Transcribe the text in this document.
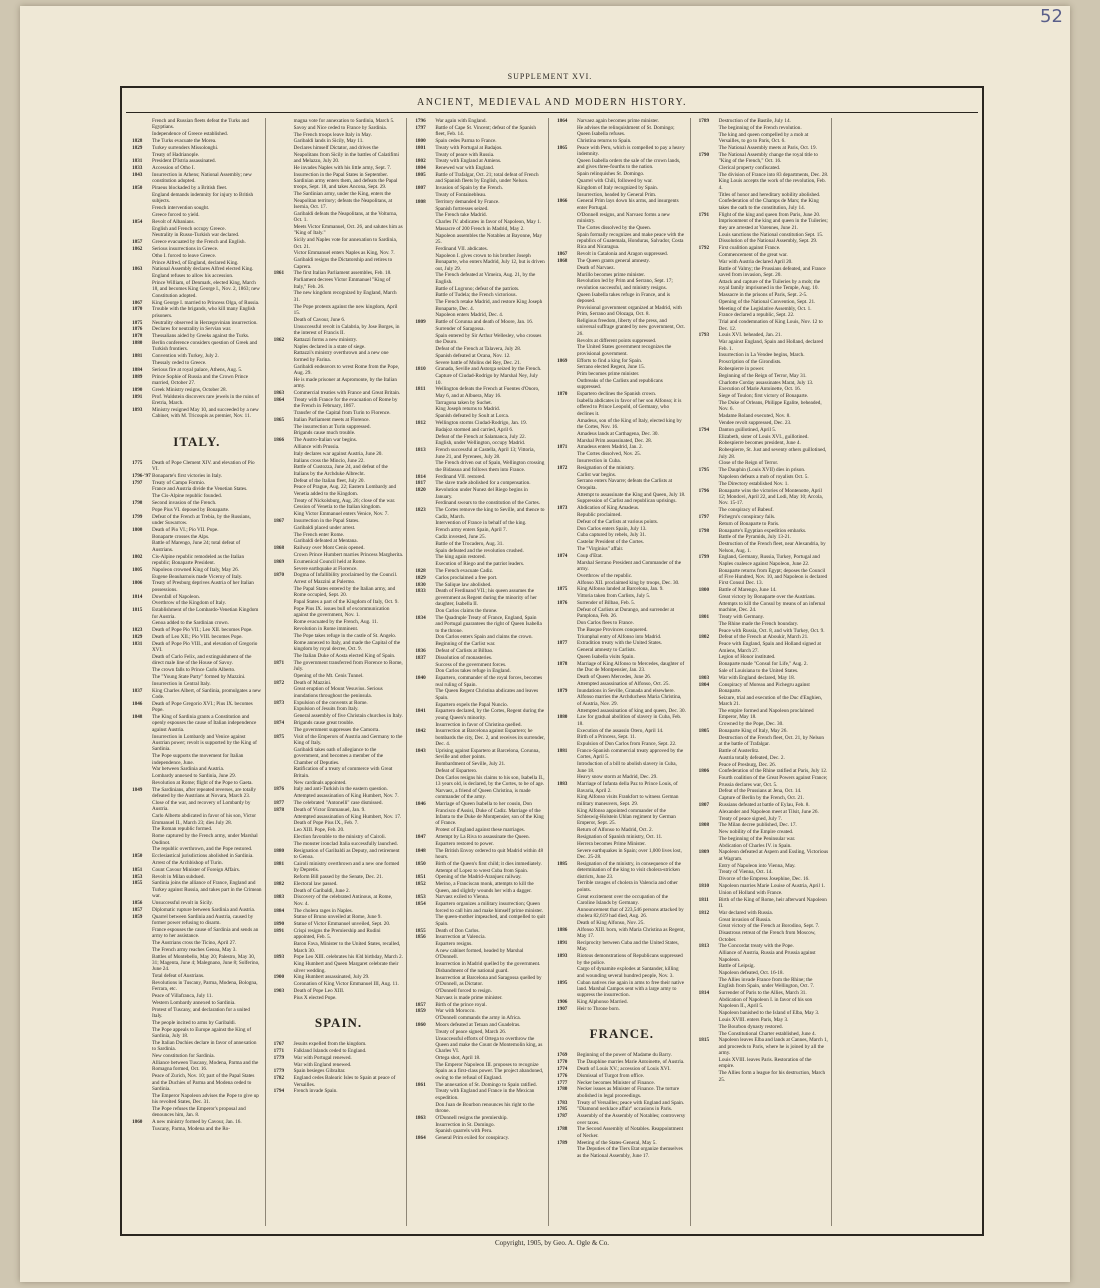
52
SUPPLEMENT XVI.
ANCIENT, MEDIEVAL AND MODERN HISTORY.
French and Russian fleets defeat the Turks and Egyptians.
Independence of Greece established.
1828	The Turks evacuate the Morea.
1829	Turkey surrenders Missolonghi.
Treaty of Hadrianople.
1831	President D'Istria assassinated.
1833	Accession of Otho I.
1843	Insurrection in Athens; National Assembly; new constitution adopted.
1850	Piraeus blockaded by a British fleet.
England demands indemnity for injury to British subjects.
French intervention sought.
Greece forced to yield.
1854	Revolt of Albanians.
English and French occupy Greece.
Neutrality in Russo-Turkish war declared.
1857	Greece evacuated by the French and English.
1862	Serious insurrections in Greece.
Otho I. forced to leave Greece.
Prince Alfred, of England, declared King.
1863	National Assembly declares Alfred elected King.
England refuses to allow his accession.
Prince William, of Denmark, elected King, March 18, and becomes King George I., Nov. 2, 1863; new Constitution adopted.
1867	King George I. married to Princess Olga, of Russia.
1870	Trouble with the brigands, who kill many English prisoners.
1875	Neutrality observed in Herzegovinian insurrection.
1876	Declares for neutrality in Servian war.
1878	Thessalians aided by Greeks against the Turks.
1880	Berlin conference considers question of Greek and Turkish frontiers.
1881	Convention with Turkey, July 2.
Thessaly ceded to Greece.
1884	Serious fire at royal palace, Athens, Aug. 5.
1889	Prince Sophie of Russia and the Crown Prince married, October 27.
1890	Greek Ministry resigns, October 28.
1891	Prof. Waldstein discovers rare jewels in the ruins of Eretria, March.
1893	Ministry resigned May 10, and succeeded by a new Cabinet, with M. Tricoupis as premier, Nov. 11.
ITALY.
1775	Death of Pope Clement XIV. and elevation of Pio VI.
1796-'97 Bonaparte's first victories in Italy.
1797	Treaty of Campo Formio.
France and Austria divide the Venetian States.
The Cis-Alpine republic founded.
1798	Second invasion of the French.
Pope Pius VI. deposed by Bonaparte.
1799	Defeat of the French at Trebia, by the Russians, under Suwarrow.
1800	Death of Pio VI.; Pio VII. Pope.
Bonaparte crosses the Alps.
Battle of Marengo, June 24; total defeat of Austrians.
1802	Cis-Alpine republic remodeled as the Italian republic; Bonaparte President.
1805	Napoleon crowned King of Italy, May 26.
Eugene Beauharnois made Viceroy of Italy.
1806	Treaty of Presburg deprives Austria of her Italian possessions.
1814	Downfall of Napoleon.
Overthrow of the Kingdom of Italy.
1815	Establishment of the Lombardo-Venetian Kingdom for Austria.
Genoa added to the Sardinian crown.
1823	Death of Pope Pio VII.; Leo XII. becomes Pope.
1829	Death of Leo XII.; Pio VIII. becomes Pope.
1831	Death of Pope Pio VIII., and elevation of Gregorio XVI.
Death of Carlo Felix, and extinguishment of the direct male line of the House of Savoy.
The crown falls to Prince Carlo Alberto.
The "Young State Party" formed by Mazzini.
Insurrection in Central Italy.
1837	King Charles Albert, of Sardinia, promulgates a new Code.
1846	Death of Pope Gregorio XVI.; Pius IX. becomes Pope.
1848	The King of Sardinia grants a Constitution and openly espouses the cause of Italian independence against Austria.
Insurrection in Lombardy and Venice against Austrian power; revolt is supported by the King of Sardinia.
The Pope supports the movement for Italian independence, June.
War between Sardinia and Austria.
Lombardy annexed to Sardinia, June 29.
Revolution at Rome; flight of the Pope to Gaeta.
1849	The Sardinians, after repeated reverses, are totally defeated by the Austrians at Novara, March 23.
Close of the war, and recovery of Lombardy by Austria.
Carlo Alberto abdicated in favor of his son, Victor Emmanuel II., March 23; dies July 28.
The Roman republic formed.
Rome captured by the French army, under Marshal Oudinot.
The republic overthrown, and the Pope restored.
1850	Ecclesiastical jurisdictions abolished in Sardinia.
Arrest of the Archbishop of Turin.
1851	Count Cavour Minister of Foreign Affairs.
1853	Revolt in Milan subdued.
1855	Sardinia joins the alliance of France, England and Turkey against Russia, and takes part in the Crimean war.
1856	Unsuccessful revolt in Sicily.
1857	Diplomatic rupture between Sardinia and Austria.
1859	Quarrel between Sardinia and Austria, caused by former power refusing to disarm.
France espouses the cause of Sardinia and sends an army to her assistance.
The Austrians cross the Ticino, April 27.
The French army reaches Genoa, May 3.
Battles of Montebello, May 20; Palestro, May 30, 31; Magenta, June 4; Malegnano, June 8; Solferino, June 24.
Total defeat of Austrians.
Revolutions in Tuscany, Parma, Modena, Bologna, Ferrara, etc.
Peace of Villafranca, July 11.
Western Lombardy annexed to Sardinia.
Protest of Tuscany, and declaration for a united Italy.
The people incited to arms by Garibaldi.
The Pope appeals to Europe against the King of Sardinia, July 18.
The Italian Duchies declare in favor of annexation to Sardinia.
New constitution for Sardinia.
Alliance between Tuscany, Modena, Parma and the Romagna formed, Oct. 16.
Peace of Zurich, Nov. 10; part of the Papal States and the Duchies of Parma and Modena ceded to Sardinia.
The Emperor Napoleon advises the Pope to give up his revolted States, Dec. 31.
The Pope refuses the Emperor's proposal and denounces him, Jan. 8.
1860	A new ministry formed by Cavour, Jan. 16.
Tuscany, Parma, Modena and the Ro-
magna vote for annexation to Sardinia, March 5.
Savoy and Nice ceded to France by Sardinia.
The French troops leave Italy in May.
Garibaldi lands in Sicily, May 11.
Declares himself Dictator, and drives the Neapolitans from Sicily in the battles of Calatifimi and Melazzo, July 20.
He invades Naples with his little army, Sept. 7.
Insurrection in the Papal States in September. Sardinian army enters them, and defeats the Papal troops, Sept. 18, and takes Ancona, Sept. 29.
The Sardinian army, under the King, enters the Neapolitan territory; defeats the Neapolitans, at Isernia, Oct. 17.
Garibaldi defeats the Neapolitans, at the Volturna, Oct. 1.
Meets Victor Emmanuel, Oct. 26, and salutes him as "King of Italy."
Sicily and Naples vote for annexation to Sardinia, Oct. 21.
Victor Emmanuel enters Naples as King, Nov. 7.
Garibaldi resigns the Dictatorship and retires to Caprera.
1861	The first Italian Parliament assembles, Feb. 18.
Parliament decrees Victor Emmanuel "King of Italy," Feb. 26.
The new kingdom recognized by England, March 31.
The Pope protests against the new kingdom, April 15.
Death of Cavour, June 6.
Unsuccessful revolt in Calabria, by Jose Borges, in the interest of Francis II.
1862	Rattazzi forms a new ministry.
Naples declared in a state of siege.
Rattazzi's ministry overthrown and a new one formed by Farina.
Garibaldi endeavors to wrest Rome from the Pope, Aug. 29.
He is made prisoner at Aspromonte, by the Italian army.
1863	Commercial treaties with France and Great Britain.
1864	Treaty with France for the evacuation of Rome by the French in February, 1867.
Transfer of the Capital from Turin to Florence.
1865	Italian Parliament meets at Florence.
The insurrection at Turin suppressed.
Brigands cause much trouble.
1866	The Austro-Italian war begins.
Alliance with Prussia.
Italy declares war against Austria, June 20.
Italians cross the Mincio, June 22.
Battle of Custozza, June 24, and defeat of the Italians by the Archduke Albrecht.
Defeat of the Italian fleet, July 20.
Peace of Prague, Aug. 22; Eastern Lombardy and Venetia added to the Kingdom.
Treaty of Nickolsburg, Aug. 26; close of the war.
Cession of Venetia to the Italian kingdom.
King Victor Emmanuel enters Venice, Nov. 7.
1867	Insurrection in the Papal States.
Garibaldi placed under arrest.
The French enter Rome.
Garibaldi defeated at Mentana.
1868	Railway over Mont Cenis opened.
Crown Prince Humbert marries Princess Margherita.
1869	Ecumenical Council held at Rome.
Severe earthquake at Florence.
1870	Dogma of Infallibility proclaimed by the Council.
Arrest of Mazzini at Palermo.
The Papal States entered by the Italian army, and Rome occupied, Sept. 20.
Papal States a part of the Kingdom of Italy, Oct. 9.
Pope Pius IX. issues bull of excommunication against the government, Nov. 1.
Rome evacuated by the French, Aug. 11.
Revolution in Rome imminent.
The Pope takes refuge in the castle of St. Angelo.
Rome annexed to Italy, and made the Capital of the kingdom by royal decree, Oct. 9.
The Italian Duke of Aosta elected King of Spain.
1871	The government transferred from Florence to Rome, July.
Opening of the Mt. Cenis Tunnel.
1872	Death of Mazzini.
Great eruption of Mount Vesuvius. Serious inundations throughout the peninsula.
1873	Expulsion of the convents at Rome.
Expulsion of Jesuits from Italy.
General assembly of five Christain churches in Italy.
1874	Brigands cause great trouble.
The government suppresses the Camorra.
1875	Visit of the Emperors of Austria and Germany to the King of Italy.
Garibaldi takes oath of allegiance to the government, and becomes a member of the Chamber of Deputies.
Ratification of a treaty of commerce with Great Britain.
New cardinals appointed.
1876	Italy and anti-Turkish in the eastern question.
Attempted assassination of King Humbert, Nov. 7.
1877	The celebrated "Antonelli" case dismissed.
1878	Death of Victor Emmanuel, Jan. 9.
Attempted assassination of King Humbert, Nov. 17.
Death of Pope Pius IX., Feb. 7.
Leo XIII. Pope, Feb. 20.
Election favorable to the ministry of Cairoli.
The monster ironclad Italia successfully launched.
1880	Resignation of Garibaldi as Deputy, and retirement to Genoa.
1881	Cairoli ministry overthrown and a new one formed by Depretis.
Reform Bill passed by the Senate, Dec. 21.
1882	Electoral law passed.
Death of Garibaldi, June 2.
1883	Discovery of the celebrated Antinous, at Rome, Nov. 4.
1884	The cholera rages in Naples.
Statue of Bruno unveiled at Rome, June 9.
1890	Statue of Victor Emmanuel unveiled, Sept. 20.
1891	Crispi resigns the Premiership and Rudini appointed, Feb. 5.
Baron Fava, Minister to the United States, recalled, March 30.
1893	Pope Leo XIII. celebrates his 83d birthday, March 2.
King Humbert and Queen Margaret celebrate their silver wedding.
1900	King Humbert assassinated, July 29.
Coronation of King Victor Emmanuel III, Aug. 11.
1903	Death of Pope Leo XIII.
Pius X elected Pope.
SPAIN.
1767	Jesuits expelled from the kingdom.
1771	Falkland Islands ceded to England.
1779	War with Portugal renewed.
War with England renewed.
1779	Spain besieges Gibraltar.
1782	England cedes Balearic Isles to Spain at peace of Versailles.
1794	French invade Spain.
1796	War again with England.
1797	Battle of Cape St. Vincent; defeat of the Spanish fleet, Feb. 14.
1800	Spain cedes Parma to France.
1801	Treaty with Portugal at Badajos.
Treaty of peace with Russia.
1802	Treaty with England at Amiens.
1804	Renewed war with England.
1805	Battle of Trafalgar, Oct. 21; total defeat of French and Spanish fleets by English, under Nelson.
1807	Invasion of Spain by the French.
Treaty of Fontainebleau.
1808	Territory demanded by France.
Spanish fortresses seized.
The French take Madrid.
Charles IV. abdicates in favor of Napoleon, May 1.
Massacre of 200 French in Madrid, May 2.
Napoleon assembles the Notables at Bayonne, May 25.
Ferdinand VII. abdicates.
Napoleon I. gives crown to his brother Joseph Bonaparte, who enters Madrid, July 12, but is driven out, July 29.
The French defeated at Vimeira, Aug. 21, by the English.
Battle of Logrono; defeat of the patriots.
Battle of Tudela; the French victorious.
The French retake Madrid, and restore King Joseph Bonaparte, Dec. 4.
Napoleon enters Madrid, Dec. 4.
1809	Battle of Corunna and death of Moore, Jan. 16.
Surrender of Saragossa.
Spain entered by Sir Arthur Wellesley, who crosses the Douro.
Defeat of the French at Talavera, July 28.
Spanish defeated at Ocana, Nov. 12.
Severe battle of Molins del Rey, Dec. 21.
1810	Granada, Seville and Astorga seized by the French.
Capture of Ciudad-Rodrigo by Marshal Ney, July 10.
1811	Wellington defeats the French at Fuentes d'Onoro, May 6, and at Albuera, May 16.
Tarragona taken by Suchet.
King Joseph returns to Madrid.
Spanish defeated by Soult at Lorca.
1812	Wellington storms Ciudad-Rodrigo, Jan. 19.
Badajoz stormed and carried, April 6.
Defeat of the French at Salamanca, July 22.
English, under Wellington, occupy Madrid.
1813	French successful at Castella, April 13; Vittoria, June 21, and Pyrenees, July 28.
The French driven out of Spain, Wellington crossing the Bidassoa and follows them into France.
1814	Ferdinand VII. restored.
1817	The slave trade abolished for a compensation.
1820	Revolution under Nunez del Riego begins in January.
Ferdinand swears to the constitution of the Cortes.
1823	The Cortes remove the king to Seville, and thence to Cadiz, March.
Intervention of France in behalf of the king.
French army enters Spain, April 7.
Cadiz invested, June 25.
Battle of the Trocadero, Aug. 31.
Spain defeated and the revolution crushed.
The king again restored.
Execution of Riego and the patriot leaders.
1828	The French evacuate Cadiz.
1829	Carlos proclaimed a free port.
1830	The Salique law abolished.
1833	Death of Ferdinand VII.; his queen assumes the government as Regent during the minority of her daughter, Isabella II.
Don Carlos claims the throne.
1834	The Quadruple Treaty of France, England, Spain and Portugal guarantees the right of Queen Isabella to the throne.
Don Carlos enters Spain and claims the crown.
Beginning of the Carlist war.
1836	Defeat of Carlists at Bilbao.
1837	Dissolution of monasteries.
Success of the government forces.
Don Carlos takes refuge in England.
1840	Espartero, commander of the royal forces, becomes real ruling of Spain.
The Queen Regent Christina abdicates and leaves Spain.
Espartero expels the Papal Nuncio.
1841	Espartero declared, by the Cortes, Regent during the young Queen's minority.
Insurrection in favor of Christina quelled.
1842	Insurrection at Barcelona against Espartero; he bombards the city, Dec. 2, and receives its surrender, Dec. 4.
1843	Uprising against Espartero at Barcelona, Corunna, Seville and other points.
Bombardment of Seville, July 21.
Defeat of Espartero.
Don Carlos resigns his claims to his son, Isabella II., 13 years old, is declared, by the Cortes, to be of age.
Narvaez, a friend of Queen Christina, is made commander of the army.
1846	Marriage of Queen Isabella to her cousin, Don Francisco d'Assisi, Duke of Cadiz. Marriage of the Infanta to the Duke de Montpensier, son of the King of France.
Protest of England against these marriages.
1847	Attempt by La Riva to assassinate the Queen.
Espartero restored to power.
1848	The British Envoy ordered to quit Madrid within 48 hours.
1850	Birth of the Queen's first child; it dies immediately.
Attempt of Lopez to wrest Cuba from Spain.
1851	Opening of the Madrid-Aranjuez railway.
1852	Merino, a Franciscan monk, attempts to kill the Queen, and slightly wounds her with a dagger.
1853	Narvaez exiled to Vienna.
1854	Espartero organizes a military insurrection; Queen forced to call him and make himself prime minister.
The queen-mother impeached, and compelled to quit Spain.
1855	Death of Don Carlos.
1856	Insurrection at Valencia.
Espartero resigns.
A new cabinet formed, headed by Marshal O'Donnell.
Insurrection in Madrid quelled by the government.
Disbandment of the national guard.
Insurrection at Barcelona and Saragossa quelled by O'Donnell, as Dictator.
O'Donnell forced to resign.
Narvaez is made prime minister.
1857	Birth of the prince royal.
1859	War with Morocco.
O'Donnell commands the army in Africa.
1860	Moors defeated at Tetuan and Guadelras.
Treaty of peace signed, March 26.
Unsuccessful efforts of Ortega to overthrow the Queen and make the Count de Montemolin king, as Charles VI.
Ortega shot, April 18.
The Emperor Napoleon III. proposes to recognize Spain as a first-class power. The project abandoned, owing to the refusal of England.
1861	The annexation of St. Domingo to Spain ratified.
Treaty with England and France in the Mexican expedition.
Don Juan de Bourbon renounces his right to the throne.
1863	O'Donnell resigns the premiership.
Insurrection in St. Domingo.
Spanish quarrels with Peru.
1864	General Prim exiled for conspiracy.
1864	Narvaez again becomes prime minister.
He advises the relinquishment of St. Domingo; Queen Isabella refuses.
Christina returns to Spain.
1865	Peace with Peru, which is compelled to pay a heavy indemnity.
Queen Isabella orders the sale of the crown lands, and gives three-fourths to the nation.
Spain relinquishes St. Domingo.
Quarrel with Chili, followed by war.
Kingdom of Italy recognized by Spain.
Insurrection, headed by General Prim.
1866	General Prim lays down his arms, and insurgents enter Portugal.
O'Donnell resigns, and Narvaez forms a new ministry.
The Cortes dissolved by the Queen.
Spain formally recognizes and make peace with the republics of Guatemala, Honduras, Salvador, Costa Rica and Nicaragua.
1867	Revolt in Catalonia and Aragon suppressed.
1868	The Queen grants general amnesty.
Death of Narvaez.
Murillo becomes prime minister.
Revolution led by Prim and Serrano, Sept. 17; revolution successful, and ministry resigns.
Queen Isabella takes refuge in France, and is deposed.
Provisional government organized at Madrid, with Prim, Serrano and Olozaga, Oct. 8.
Religious freedom, liberty of the press, and universal suffrage granted by new government, Oct. 26.
Revolts at different points suppressed.
The United States government recognizes the provisional government.
1869	Efforts to find a king for Spain.
Serrano elected Regent, June 15.
Prim becomes prime minister.
Outbreaks of the Carlists and republicans suppressed.
1870	Espartero declines the Spanish crown.
Isabella abdicates in favor of her son Alfonso; it is offered to Prince Leopold, of Germany, who declines it.
Amadeus, son of the King of Italy, elected king by the Cortes, Nov. 16.
Amadeus lands at Carthagena, Dec. 30.
Marshal Prim assassinated, Dec. 28.
1871	Amadeus enters Madrid, Jan. 2.
The Cortes dissolved, Nov. 25.
Insurrection in Cuba.
1872	Resignation of the ministry.
Carlist war begins.
Serrano enters Navarre; defeats the Carlists at Oroquita.
Attempt to assassinate the King and Queen, July 18.
Suppression of Carlist and republican uprisings.
1873	Abdication of King Amadeus.
Republic proclaimed.
Defeat of the Carlists at various points.
Don Carlos enters Spain, July 13.
Cuba captured by rebels, July 31.
Castelar President of the Cortes.
The "Virginius" affair.
1874	Coup d'Etat.
Marshal Serrano President and Commander of the army.
Overthrow of the republic.
Alfonso XII. proclaimed king by troops, Dec. 30.
1875	King Alfonso landed at Barcelona, Jan. 9.
Vittoria taken from Carlists, July 5.
1876	Surrender of Bilbao, Feb. 5.
Defeat of Carlists at Durango, and surrender at Pamplona, Feb. 26.
Don Carlos flees to France.
The Basque Provinces conquered.
Triumphal entry of Alfonso into Madrid.
1877	Extradition treaty with the United States.
General amnesty to Carlists.
Queen Isabella visits Spain.
1878	Marriage of King Alfonso to Mercedes, daughter of the Duc de Montpensier, Jan. 23.
Death of Queen Mercedes, June 26.
Attempted assassination of Alfonso, Oct. 25.
1879	Inundations in Seville, Granada and elsewhere.
Alfonso marries the Archduchess Maria Christina, of Austria, Nov. 29.
Attempted assassination of king and queen, Dec. 30.
1880	Law for gradual abolition of slavery in Cuba, Feb. 18.
Execution of the assassin Otero, April 14.
Birth of a Princess, Sept. 11.
Expulsion of Don Carlos from France, Sept. 22.
1881	Franco-Spanish commercial treaty approved by the Cortes, April 5.
Introduction of a bill to abolish slavery in Cuba, June 18.
Heavy snow storm at Madrid, Dec. 29.
1883	Marriage of Infanta della Paz to Prince Louis, of Bavaria, April 2.
King Alfonso visits Frankfort to witness German military maneuvers, Sept. 29.
King Alfonso appointed commander of the Schleswig-Holstein Uhlan regiment by German Emperor, Sept. 25.
Return of Alfonso to Madrid, Oct. 2.
Resignation of Spanish ministry, Oct. 11.
Herrera becomes Prime Minister.
Severe earthquakes in Spain; over 1,000 lives lost, Dec. 25-28.
1885	Resignation of the ministry, in consequence of the determination of the king to visit cholera-stricken districts, June 23.
Terrible ravages of cholera in Valencia and other points.
Great excitement over the occupation of the Caroline Islands by Germany.
Announcement that of 223,546 persons attacked by cholera 82,619 had died, Aug. 26.
Death of King Alfonso, Nov. 25.
1886	Alfonso XIII. born, with Maria Christina as Regent, May 17.
1891	Reciprocity between Cuba and the United States, May.
1893	Riotous demonstrations of Republicans suppressed by the police.
Cargo of dynamite explodes at Santander, killing and wounding several hundred people, Nov. 3.
1895	Cuban natives rise again in arms to free their native land. Marshal Campos sent with a large army to suppress the insurrection.
1906	King Alphonso Married.
1907	Heir to Throne born.
FRANCE.
1769	Beginning of the power of Madame du Barry.
1770	The Dauphine marries Marie Antoinette, of Austria.
1774	Death of Louis XV.; accession of Louis XVI.
1776	Dismissal of Turgot from office.
1777	Necker becomes Minister of Finance.
1780	Necker issues as Minister of Finance. The torture abolished in legal proceedings.
1783	Treaty of Versailles; peace with England and Spain.
1785	"Diamond necklace affair" occasions in Paris.
1787	Assembly of the Assembly of Notables; controversy over taxes.
1788	The Second Assembly of Notables. Reappointment of Necker.
1789	Meeting of the States-General, May 5.
The Deputies of the Tiers Etat organize themselves as the National Assembly, June 17.
1789	Destruction of the Bastile, July 14.
The beginning of the French revolution.
The king and queen compelled by a mob at Versailles, to go to Paris, Oct. 6.
The National Assembly meets at Paris, Oct. 19.
1790	The National Assembly change the royal title to "King of the French," Oct. 16.
Clerical property confiscated.
The division of France into 83 departments, Dec. 28.
King Louis accepts the work of the revolution, Feb. 4.
Titles of honor and hereditary nobility abolished.
Confederation of the Champs de Mars; the King takes the oath to the constitution, July 14.
1791	Flight of the king and queen from Paris, June 20.
Imprisonment of the king and queen in the Tuileries; they are arrested at Varennes, June 21.
Louis sanctions the National constitution Sept. 15.
Dissolution of the National Assembly, Sept. 29.
1792	First coalition against France.
Commencement of the great war.
War with Austria declared April 20.
Battle of Valmy; the Prussians defeated, and France saved from invasion, Sept. 20.
Attack and capture of the Tuileries by a mob; the royal family imprisoned in the Temple, Aug. 10.
Massacre in the prisons of Paris, Sept. 2-5.
Opening of the National Convention, Sept. 21.
Meeting of the Legislative Assembly, Oct. 1.
France declared a republic, Sept. 22.
Trial and condemnation of King Louis, Nov. 12 to Dec. 12.
1793	Louis XVI. beheaded, Jan. 21.
War against England, Spain and Holland, declared Feb. 1.
Insurrection in La Vendee begins, March.
Proscription of the Girondists.
Robespierre in power.
Beginning of the Reign of Terror, May 31.
Charlotte Corday assassinates Marat, July 13.
Execution of Marie Antoinette, Oct. 16.
Siege of Toulon; first victory of Bonaparte.
The Duke of Orleans, Philippe Egalite, beheaded, Nov. 6.
Madame Roland executed, Nov. 8.
Vendee revolt suppressed, Dec. 23.
1794	Danton guillotined, April 5.
Elizabeth, sister of Louis XVI., guillotined.
Robespierre becomes president, June 4.
Robespierre, St. Just and seventy others guillotined, July 28.
Close of the Reign of Terror.
1795	The Dauphin (Louis XVII) dies in prison.
Napoleon defeats a mob of royalists Oct. 5.
The Directory established Nov. 1.
1796	Bonaparte wins the victories of Montenotte, April 12; Mondovi, April 22, and Lodi, May 10; Arcola, Nov. 15-17.
The conspiracy of Babeuf.
1797	Pichegru's conspiracy fails.
Return of Bonaparte to Paris.
1798	Bonaparte's Egyptian expedition embarks.
Battle of the Pyramids, July 13-21.
Destruction of the French fleet, near Alexandria, by Nelson, Aug. 1.
1799	England, Germany, Russia, Turkey, Portugal and Naples coalesce against Napoleon, June 22.
Bonaparte returns from Egypt; deposes the Council of Five Hundred, Nov. 10, and Napoleon is declared First Consul Dec. 13.
1800	Battle of Marengo, June 14.
Great victory by Bonaparte over the Austrians.
Attempts to kill the Consul by means of an infernal machine, Dec. 24.
1801	Treaty with Germany.
The Rhine made the French boundary.
Peace with Russia, Oct. 8, and with Turkey, Oct. 9.
1802	Defeat of the French at Aboukir, March 21.
Peace with England, Spain and Holland signed at Amiens, March 27.
Legion of Honor instituted.
Bonaparte made "Consul for Life," Aug. 2.
Sale of Louisiana to the United States.
1803	War with England declared, May 18.
1804	Conspiracy of Moreau and Pichegru against Bonaparte.
Seizure, trial and execution of the Duc d'Enghien, March 21.
The empire formed and Napoleon proclaimed Emperor, May 18.
Crowned by the Pope, Dec. 30.
1805	Bonaparte King of Italy, May 26.
Destruction of the French fleet, Oct. 21, by Nelson at the battle of Trafalgar.
Battle of Austerlitz.
Austria totally defeated, Dec. 2.
Peace of Presburg, Dec. 26.
1806	Confederation of the Rhine ratified at Paris, July 12.
Fourth coalition of the Great Powers against France; Prussia declares war, Oct. 5.
Defeat of the Prussians at Jena, Oct. 14.
Capture of Berlin by the French, Oct. 21.
1807	Russians defeated at battle of Eylau, Feb. 8.
Alexander and Napoleon meet at Tilsit, June 26.
Treaty of peace signed, July 7.
1808	The Milan decree published, Dec. 17.
New nobility of the Empire created.
The beginning of the Peninsular war.
Abdication of Charles IV. in Spain.
1809	Napoleon defeated at Aspern and Essling, Victorious at Wagram.
Entry of Napoleon into Vienna, May.
Treaty of Vienna, Oct. 14.
Divorce of the Empress Josephine, Dec. 16.
1810	Napoleon marries Marie Louise of Austria, April 1.
Union of Holland with France.
1811	Birth of the King of Rome, heir afterward Napoleon II.
1812	War declared with Russia.
Great invasion of Russia.
Great victory of the French at Borodino, Sept. 7.
Disastrous retreat of the French from Moscow, October.
1813	The Concordat treaty with the Pope.
Alliance of Austria, Russia and Prussia against Napoleon.
Battle of Leipsig.
Napoleon defeated, Oct. 16-18.
The Allies invade France from the Rhine; the English from Spain, under Wellington, Oct. 7.
1814	Surrender of Paris to the Allies, March 31.
Abdication of Napoleon I. in favor of his son Napoleon II., April 5.
Napoleon banished to the Island of Elba, May 3.
Louis XVIII. enters Paris, May 3.
The Bourbon dynasty restored.
The Constitutional Charter established, June 4.
1815	Napoleon leaves Elba and lands at Cannes, March 1, and proceeds to Paris, where he is joined by all the army.
Louis XVIII. leaves Paris. Restoration of the empire.
The Allies form a league for his destruction, March 25.
Copyright, 1905, by Geo. A. Ogle & Co.
